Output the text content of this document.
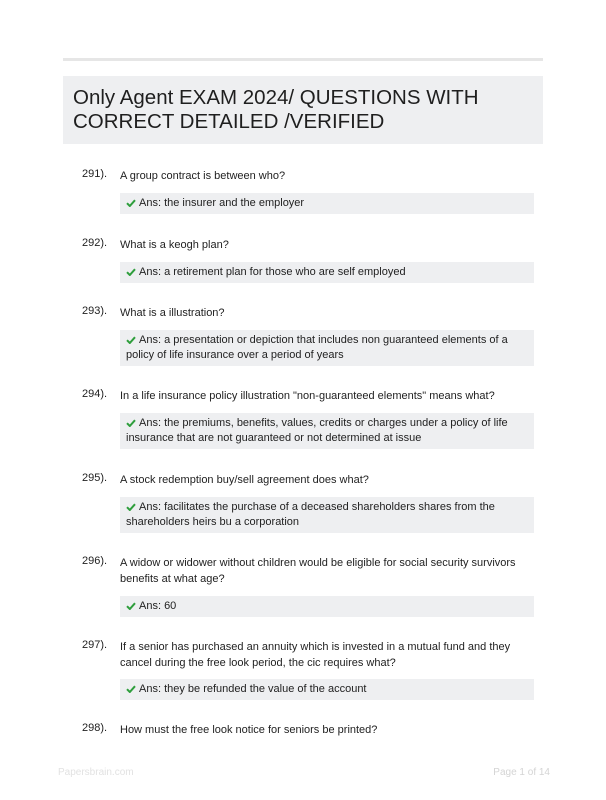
Only Agent EXAM 2024/ QUESTIONS WITH CORRECT DETAILED /VERIFIED
291). A group contract is between who?
Ans: the insurer and the employer
292). What is a keogh plan?
Ans: a retirement plan for those who are self employed
293). What is a illustration?
Ans: a presentation or depiction that includes non guaranteed elements of a policy of life insurance over a period of years
294). In a life insurance policy illustration "non-guaranteed elements" means what?
Ans: the premiums, benefits, values, credits or charges under a policy of life insurance that are not guaranteed or not determined at issue
295). A stock redemption buy/sell agreement does what?
Ans: facilitates the purchase of a deceased shareholders shares from the shareholders heirs bu a corporation
296). A widow or widower without children would be eligible for social security survivors benefits at what age?
Ans: 60
297). If a senior has purchased an annuity which is invested in a mutual fund and they cancel during the free look period, the cic requires what?
Ans: they be refunded the value of the account
298). How must the free look notice for seniors be printed?
Papersbrain.com	Page 1 of 14
